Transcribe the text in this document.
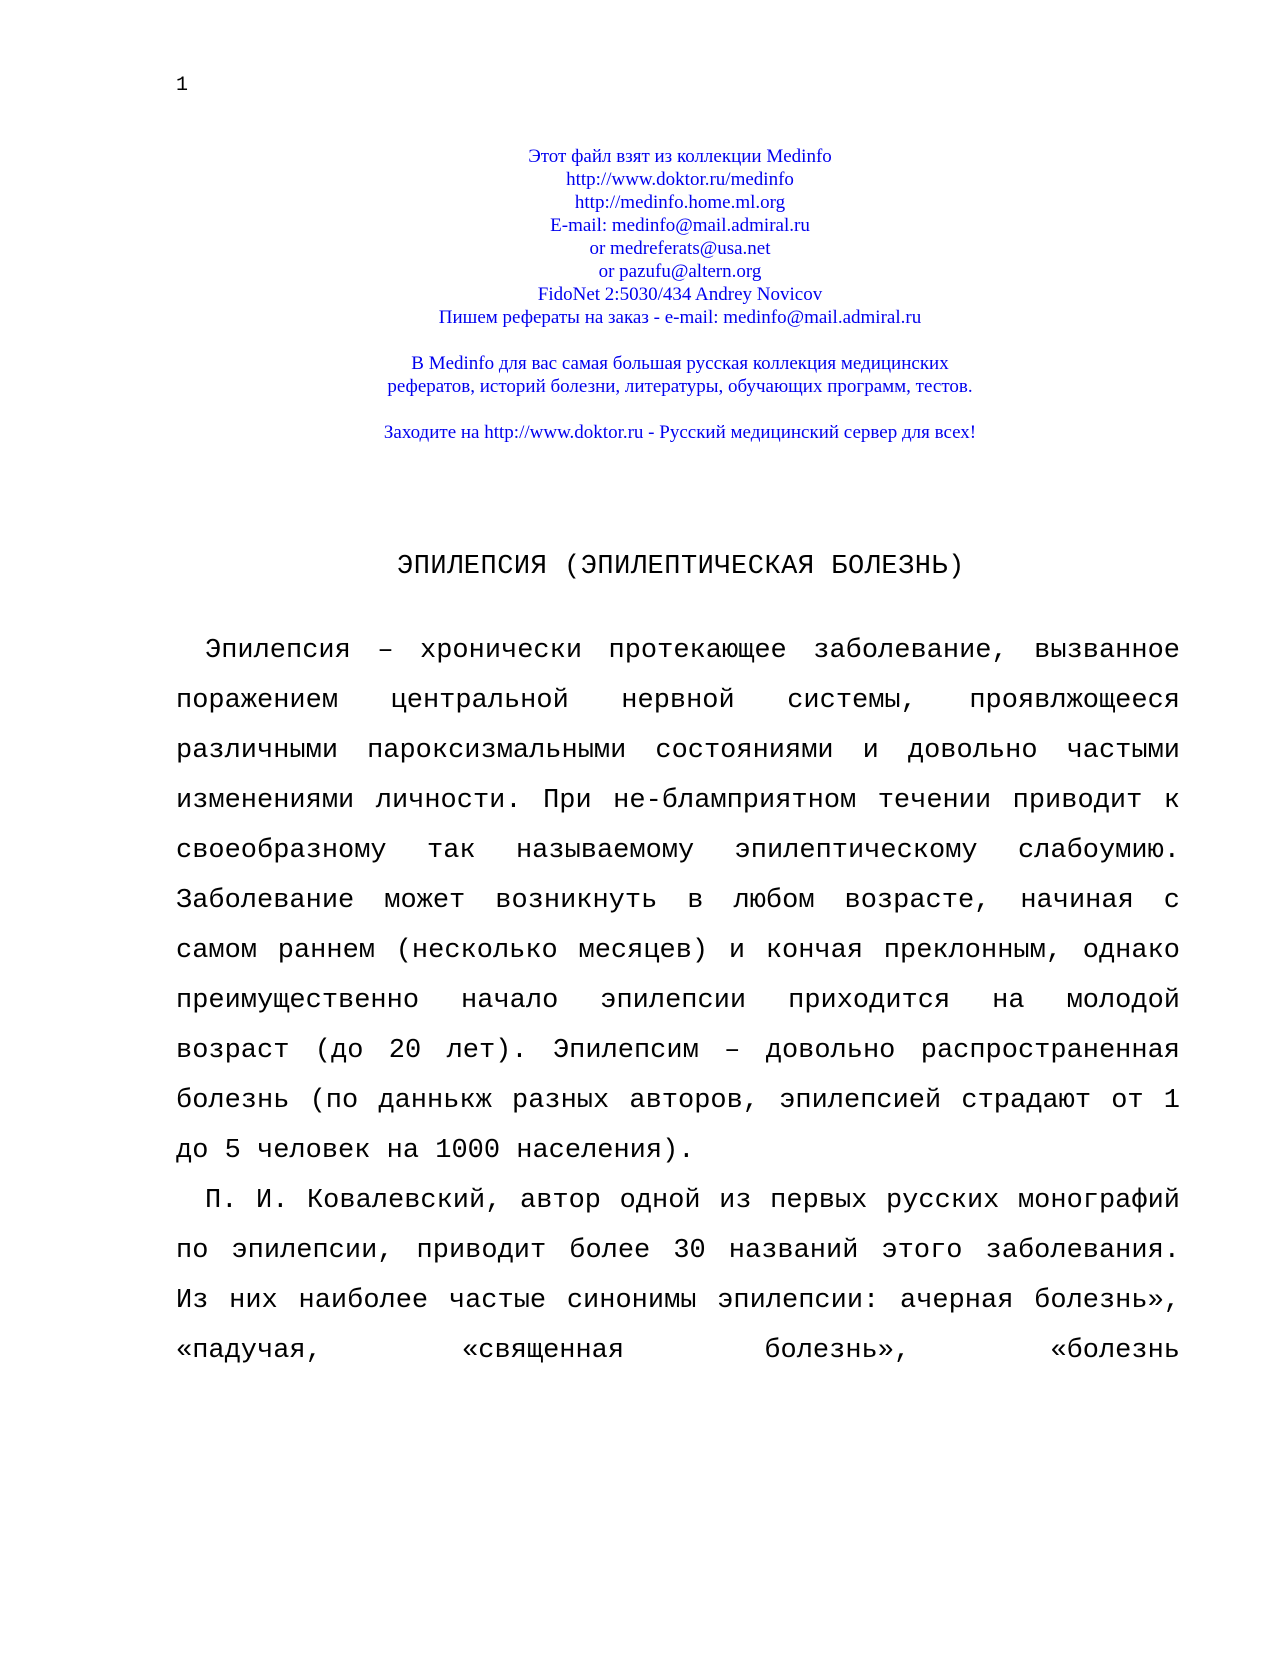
1
Этот файл взят из коллекции Medinfo
http://www.doktor.ru/medinfo
http://medinfo.home.ml.org
E-mail: medinfo@mail.admiral.ru
or medreferats@usa.net
or pazufu@altern.org
FidoNet 2:5030/434 Andrey Novicov
Пишем рефераты на заказ - e-mail: medinfo@mail.admiral.ru
В Medinfo для вас самая большая русская коллекция медицинских
рефератов, историй болезни, литературы, обучающих программ, тестов.
Заходите на http://www.doktor.ru - Русский медицинский сервер для всех!
ЭПИЛЕПСИЯ (ЭПИЛЕПТИЧЕСКАЯ БОЛЕЗНЬ)

Эпилепсия – хронически протекающее заболевание, вызванное поражением центральной нервной системы, проявлжощееся различными пароксизмальными состояниями и довольно частыми изменениями личности. При не-бламприятном течении приводит к своеобразному так называемому эпилептическому слабоумию. Заболевание может возникнуть в любом возрасте, начиная с самом раннем (несколько месяцев) и кончая преклонным, однако преимущественно начало эпилепсии приходится на молодой возраст (до 20 лет). Эпилепсим – довольно распространенная болезнь (по даннькж разных авторов, эпилепсией страдают от 1 до 5 человек на 1000 населения).

П. И. Ковалевский, автор одной из первых русских монографий по эпилепсии, приводит более 30 названий этого заболевания. Из них наиболее частые синонимы эпилепсии: ачерная болезнь», «падучая, «священная болезнь», «болезнь
